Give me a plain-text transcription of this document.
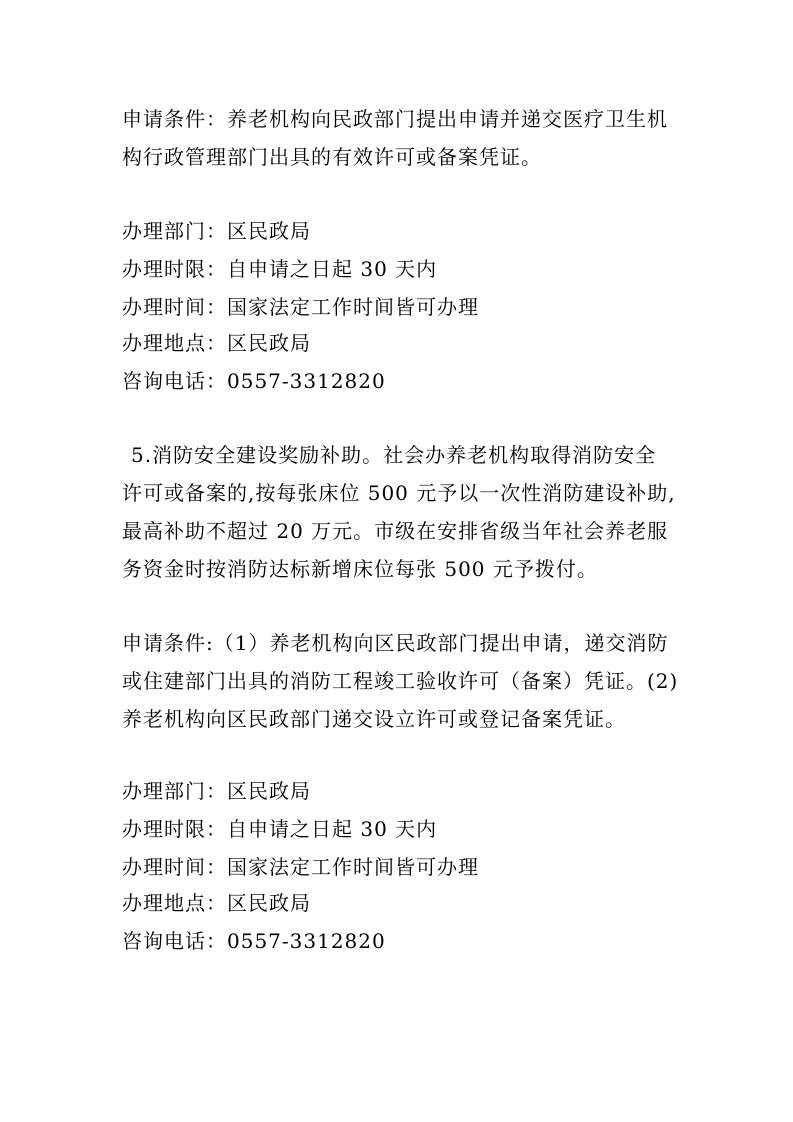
申请条件：养老机构向民政部门提出申请并递交医疗卫生机
构行政管理部门出具的有效许可或备案凭证。
办理部门：区民政局
办理时限：自申请之日起 30 天内
办理时间：国家法定工作时间皆可办理
办理地点：区民政局
咨询电话：0557-3312820
5.消防安全建设奖励补助。社会办养老机构取得消防安全
许可或备案的,按每张床位 500 元予以一次性消防建设补助,
最高补助不超过 20 万元。市级在安排省级当年社会养老服
务资金时按消防达标新增床位每张 500 元予拨付。
申请条件:（1）养老机构向区民政部门提出申请，递交消防
或住建部门出具的消防工程竣工验收许可（备案）凭证。(2)
养老机构向区民政部门递交设立许可或登记备案凭证。
办理部门：区民政局
办理时限：自申请之日起 30 天内
办理时间：国家法定工作时间皆可办理
办理地点：区民政局
咨询电话：0557-3312820
